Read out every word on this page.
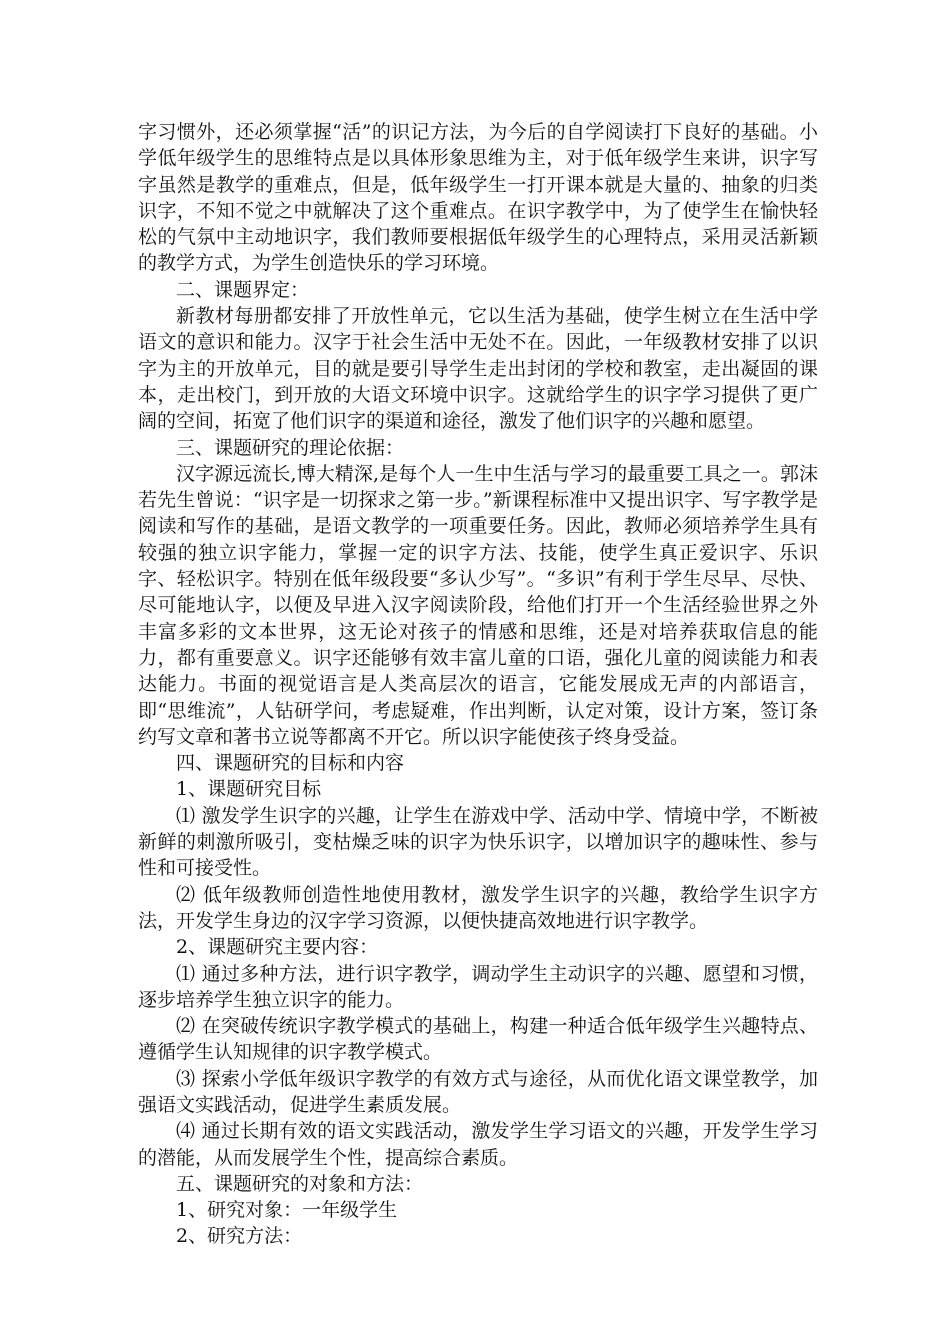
字习惯外，还必须掌握“活”的识记方法，为今后的自学阅读打下良好的基础。小学低年级学生的思维特点是以具体形象思维为主，对于低年级学生来讲，识字写字虽然是教学的重难点，但是，低年级学生一打开课本就是大量的、抽象的归类识字，不知不觉之中就解决了这个重难点。在识字教学中，为了使学生在愉快轻松的气氛中主动地识字，我们教师要根据低年级学生的心理特点，采用灵活新颖的教学方式，为学生创造快乐的学习环境。

二、课题界定：

新教材每册都安排了开放性单元，它以生活为基础，使学生树立在生活中学语文的意识和能力。汉字于社会生活中无处不在。因此，一年级教材安排了以识字为主的开放单元，目的就是要引导学生走出封闭的学校和教室，走出凝固的课本，走出校门，到开放的大语文环境中识字。这就给学生的识字学习提供了更广阔的空间，拓宽了他们识字的渠道和途径，激发了他们识字的兴趣和愿望。

三、课题研究的理论依据：

汉字源远流长,博大精深,是每个人一生中生活与学习的最重要工具之一。郭沫若先生曾说：“识字是一切探求之第一步。”新课程标准中又提出识字、写字教学是阅读和写作的基础，是语文教学的一项重要任务。因此，教师必须培养学生具有较强的独立识字能力，掌握一定的识字方法、技能，使学生真正爱识字、乐识字、轻松识字。特别在低年级段要“多认少写”。“多识”有利于学生尽早、尽快、尽可能地认字，以便及早进入汉字阅读阶段，给他们打开一个生活经验世界之外丰富多彩的文本世界，这无论对孩子的情感和思维，还是对培养获取信息的能力，都有重要意义。识字还能够有效丰富儿童的口语，强化儿童的阅读能力和表达能力。书面的视觉语言是人类高层次的语言，它能发展成无声的内部语言，即“思维流”，人钻研学问，考虑疑难，作出判断，认定对策，设计方案，签订条约写文章和著书立说等都离不开它。所以识字能使孩子终身受益。

四、课题研究的目标和内容

1、课题研究目标

⑴ 激发学生识字的兴趣，让学生在游戏中学、活动中学、情境中学，不断被新鲜的刺激所吸引，变枯燥乏味的识字为快乐识字，以增加识字的趣味性、参与性和可接受性。

⑵ 低年级教师创造性地使用教材，激发学生识字的兴趣，教给学生识字方法，开发学生身边的汉字学习资源，以便快捷高效地进行识字教学。

2、课题研究主要内容：

⑴ 通过多种方法，进行识字教学，调动学生主动识字的兴趣、愿望和习惯，逐步培养学生独立识字的能力。

⑵ 在突破传统识字教学模式的基础上，构建一种适合低年级学生兴趣特点、遵循学生认知规律的识字教学模式。

⑶ 探索小学低年级识字教学的有效方式与途径，从而优化语文课堂教学，加强语文实践活动，促进学生素质发展。

⑷ 通过长期有效的语文实践活动，激发学生学习语文的兴趣，开发学生学习的潜能，从而发展学生个性，提高综合素质。

五、课题研究的对象和方法：

1、研究对象：一年级学生

2、研究方法：
